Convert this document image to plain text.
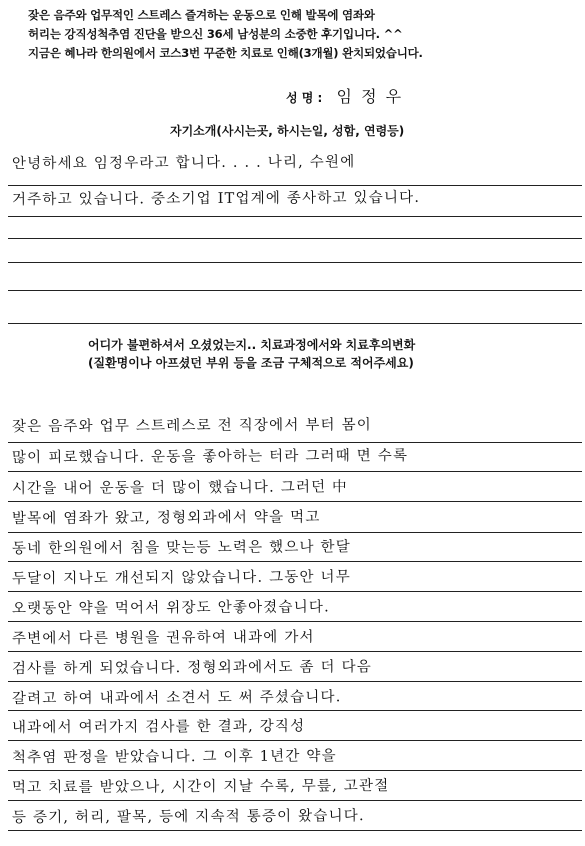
잦은 음주와 업무적인 스트레스 즐겨하는 운동으로 인해 발목에 염좌와
허리는 강직성척추염 진단을 받으신 36세 남성분의 소중한 후기입니다. ^^
지금은 혜나라 한의원에서 코스3번 꾸준한 치료로 인해(3개월) 완치되었습니다.
성 명 : 임 정 우
자기소개(사시는곳, 하시는일, 성함, 연령등)
안녕하세요 임정우라고 합니다. . . . 나리, 수원에
거주하고 있습니다. 중소기업 IT업계에 종사하고 있습니다.
어디가 불편하셔서 오셨었는지.. 치료과정에서와 치료후의변화
(질환명이나 아프셨던 부위 등을 조금 구체적으로 적어주세요)
잦은 음주와 업무 스트레스로 전 직장에서 부터 몸이
많이 피로했습니다. 운동을 좋아하는 터라 그러때 면 수록
시간을 내어 운동을 더 많이 했습니다. 그러던 中
발목에 염좌가 왔고, 정형외과에서 약을 먹고
동네 한의원에서 침을 맞는등 노력은 했으나 한달
두달이 지나도 개선되지 않았습니다. 그동안 너무
오랫동안 약을 먹어서 위장도 안좋아졌습니다.
주변에서 다른 병원을 권유하여 내과에 가서
검사를 하게 되었습니다. 정형외과에서도 좀 더 다음
갈려고 하여 내과에서 소견서 도 써 주셨습니다.
내과에서 여러가지 검사를 한 결과, 강직성
척추염 판정을 받았습니다. 그 이후 1년간 약을
먹고 치료를 받았으나, 시간이 지날 수록, 무릎, 고관절
등 증기, 허리, 팔목, 등에 지속적 통증이 왔습니다.
